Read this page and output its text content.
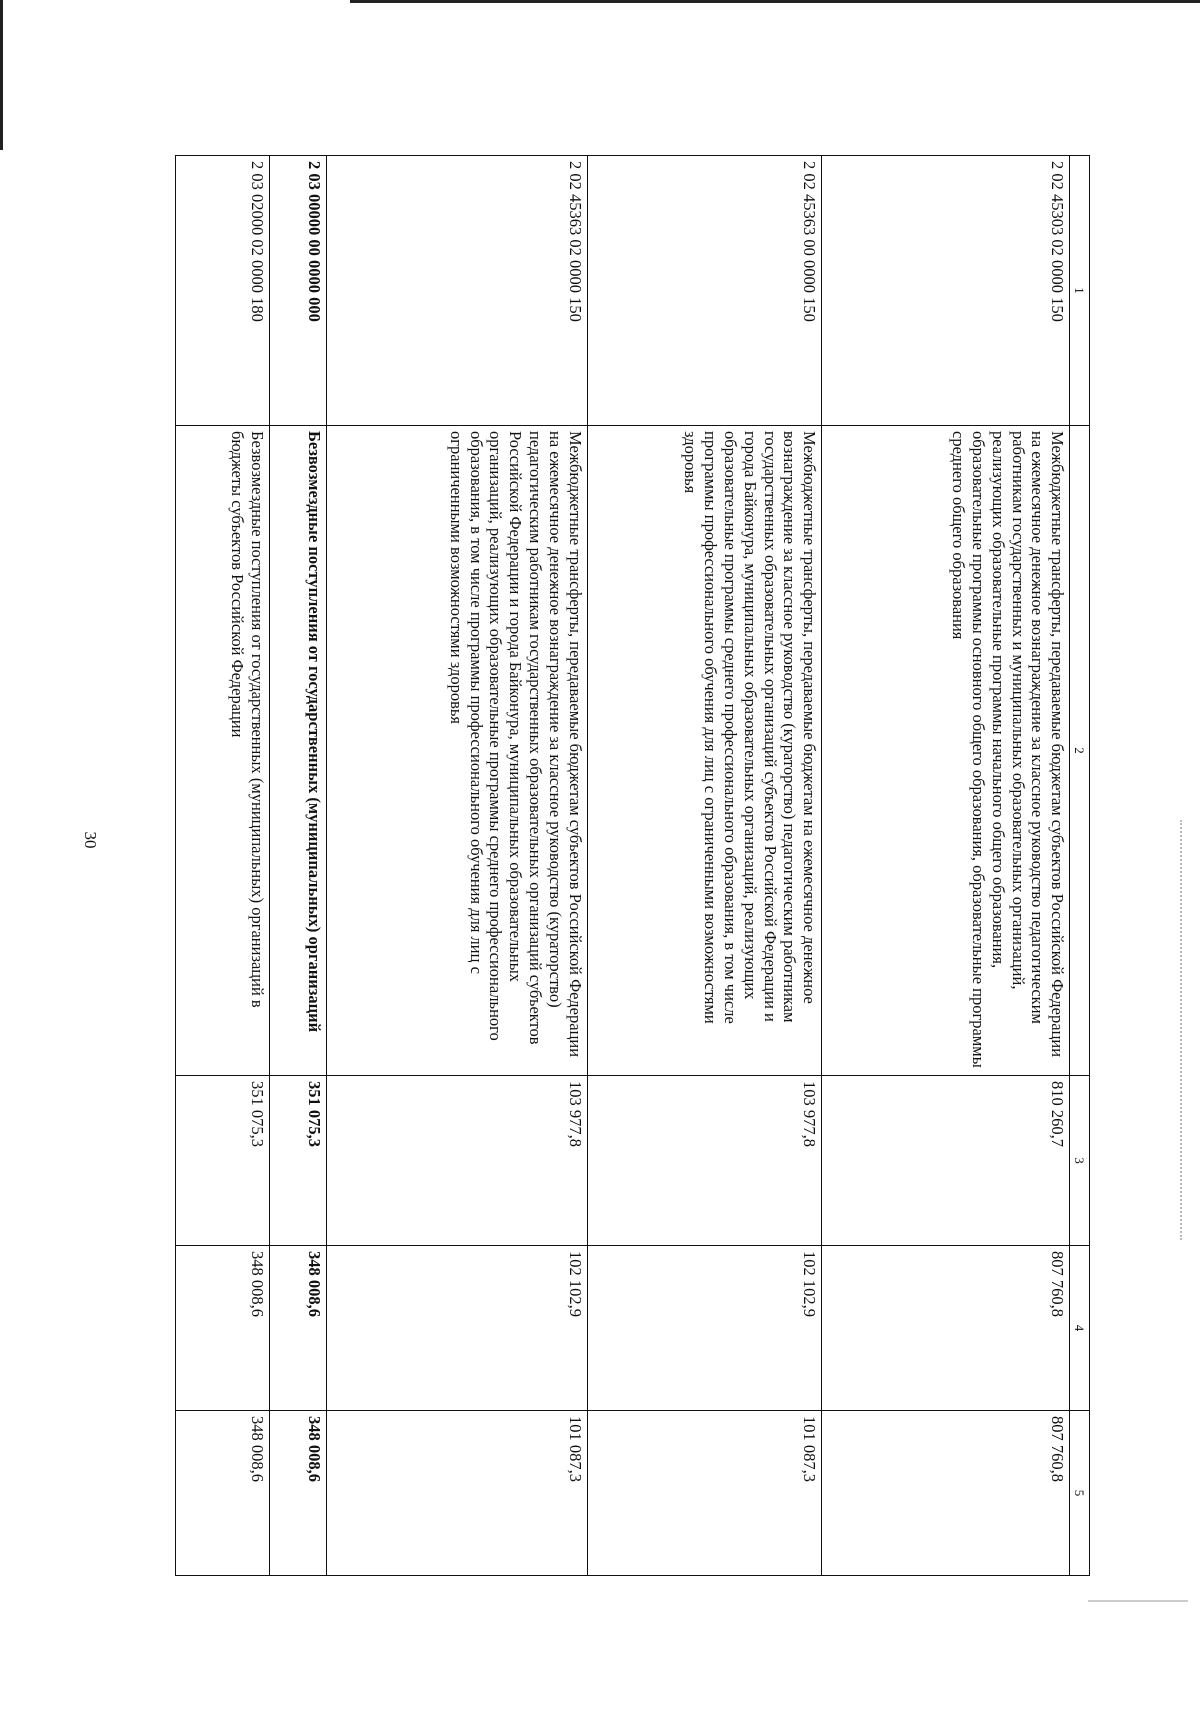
30
1	2	3	4	5
2 02 45303 02 0000 150	Межбюджетные трансферты, передаваемые бюджетам субъектов Российской Федерации на ежемесячное денежное вознаграждение за классное руководство педагогическим работникам государственных и муниципальных образовательных организаций, реализующих образовательные программы начального общего образования, образовательные программы основного общего образования, образовательные программы среднего общего образования	810 260,7	807 760,8	807 760,8
2 02 45363 00 0000 150	Межбюджетные трансферты, передаваемые бюджетам на ежемесячное денежное вознаграждение за классное руководство (кураторство) педагогическим работникам государственных образовательных организаций субъектов Российской Федерации и города Байконура, муниципальных образовательных организаций, реализующих образовательные программы среднего профессионального образования, в том числе программы профессионального обучения для лиц с ограниченными возможностями здоровья	103 977,8	102 102,9	101 087,3
2 02 45363 02 0000 150	Межбюджетные трансферты, передаваемые бюджетам субъектов Российской Федерации на ежемесячное денежное вознаграждение за классное руководство (кураторство) педагогическим работникам государственных образовательных организаций субъектов Российской Федерации и города Байконура, муниципальных образовательных организаций, реализующих образовательные программы среднего профессионального образования, в том числе программы профессионального обучения для лиц с ограниченными возможностями здоровья	103 977,8	102 102,9	101 087,3
2 03 00000 00 0000 000	Безвозмездные поступления от государственных (муниципальных) организаций	351 075,3	348 008,6	348 008,6
2 03 02000 02 0000 180	Безвозмездные поступления от государственных (муниципальных) организаций в бюджеты субъектов Российской Федерации	351 075,3	348 008,6	348 008,6
